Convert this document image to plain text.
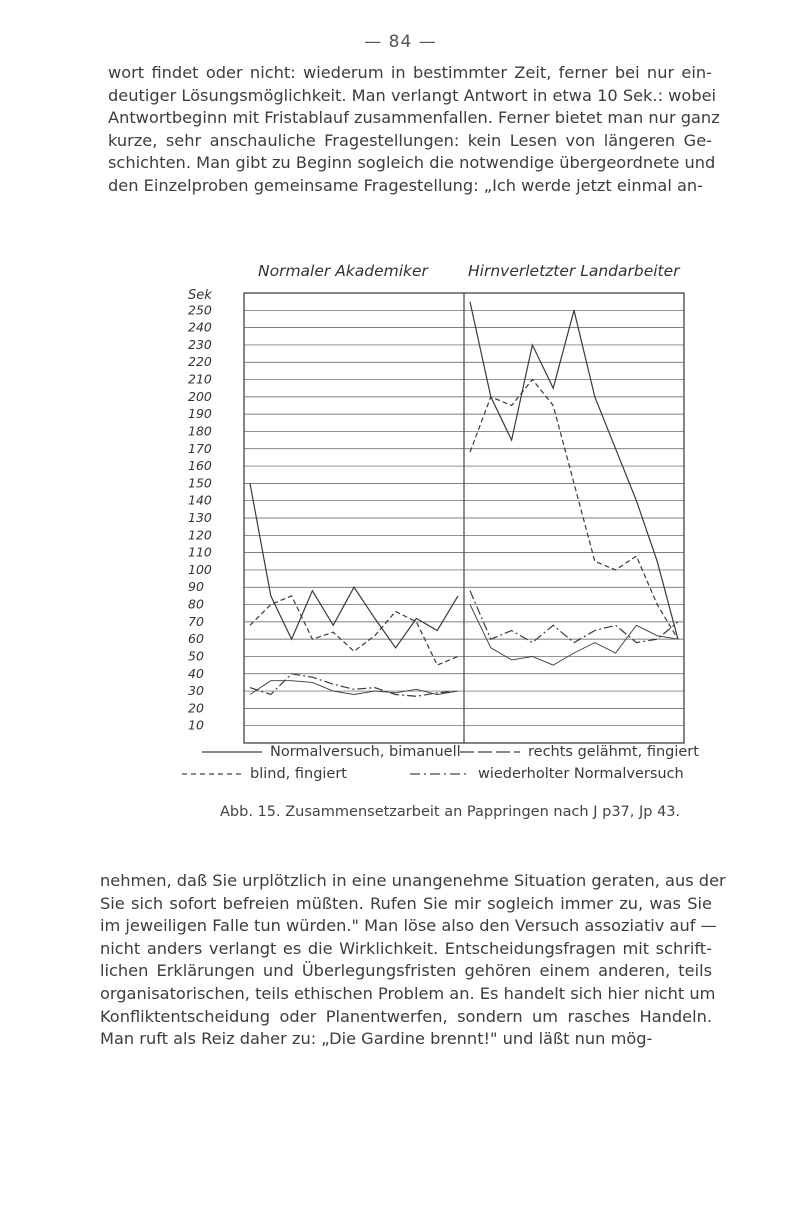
— 84 —
wort findet oder nicht: wiederum in bestimmter Zeit, ferner bei nur ein-
deutiger Lösungsmöglichkeit. Man verlangt Antwort in etwa 10 Sek.: wobei
Antwortbeginn mit Fristablauf zusammenfallen. Ferner bietet man nur ganz
kurze, sehr anschauliche Fragestellungen: kein Lesen von längeren Ge-
schichten. Man gibt zu Beginn sogleich die notwendige übergeordnete und
den Einzelproben gemeinsame Fragestellung: „Ich werde jetzt einmal an-
Normaler Akademiker	Hirnverletzter Landarbeiter
Sek
250
240
230
220
210
200
190
180
170
160
150
140
130
120
110
100
90
80
70
60
50
40
30
20
10
Normalversuch, bimanuell	rechts gelähmt, fingiert
blind, fingiert	wiederholter Normalversuch
Abb. 15. Zusammensetzarbeit an Pappringen nach J p37, Jp 43.
nehmen, daß Sie urplötzlich in eine unangenehme Situation geraten, aus der
Sie sich sofort befreien müßten. Rufen Sie mir sogleich immer zu, was Sie
im jeweiligen Falle tun würden." Man löse also den Versuch assoziativ auf —
nicht anders verlangt es die Wirklichkeit. Entscheidungsfragen mit schrift-
lichen Erklärungen und Überlegungsfristen gehören einem anderen, teils
organisatorischen, teils ethischen Problem an. Es handelt sich hier nicht um
Konfliktentscheidung oder Planentwerfen, sondern um rasches Handeln.
Man ruft als Reiz daher zu: „Die Gardine brennt!" und läßt nun mög-
